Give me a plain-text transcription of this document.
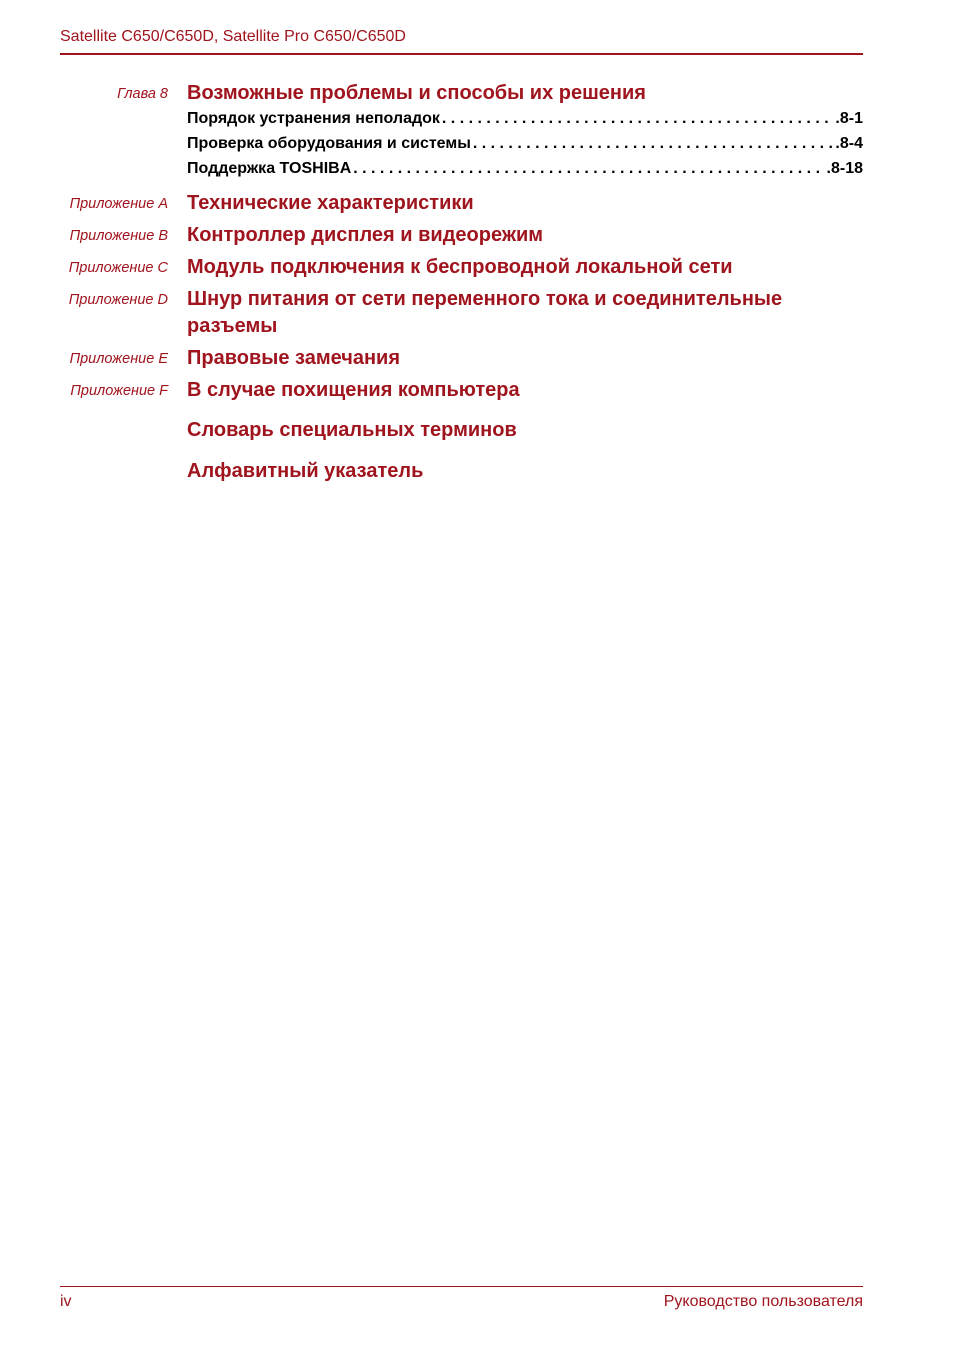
Satellite C650/C650D, Satellite Pro C650/C650D
Глава 8 Возможные проблемы и способы их решения
Порядок устранения неполадок . . .	.8-1
Проверка оборудования и системы . . .	.8-4
Поддержка TOSHIBA . . .	.8-18
Приложение A Технические характеристики
Приложение B Контроллер дисплея и видеорежим
Приложение C Модуль подключения к беспроводной локальной сети
Приложение D Шнур питания от сети переменного тока и соединительные разъемы
Приложение E Правовые замечания
Приложение F В случае похищения компьютера
Словарь специальных терминов
Алфавитный указатель
iv	Руководство пользователя
